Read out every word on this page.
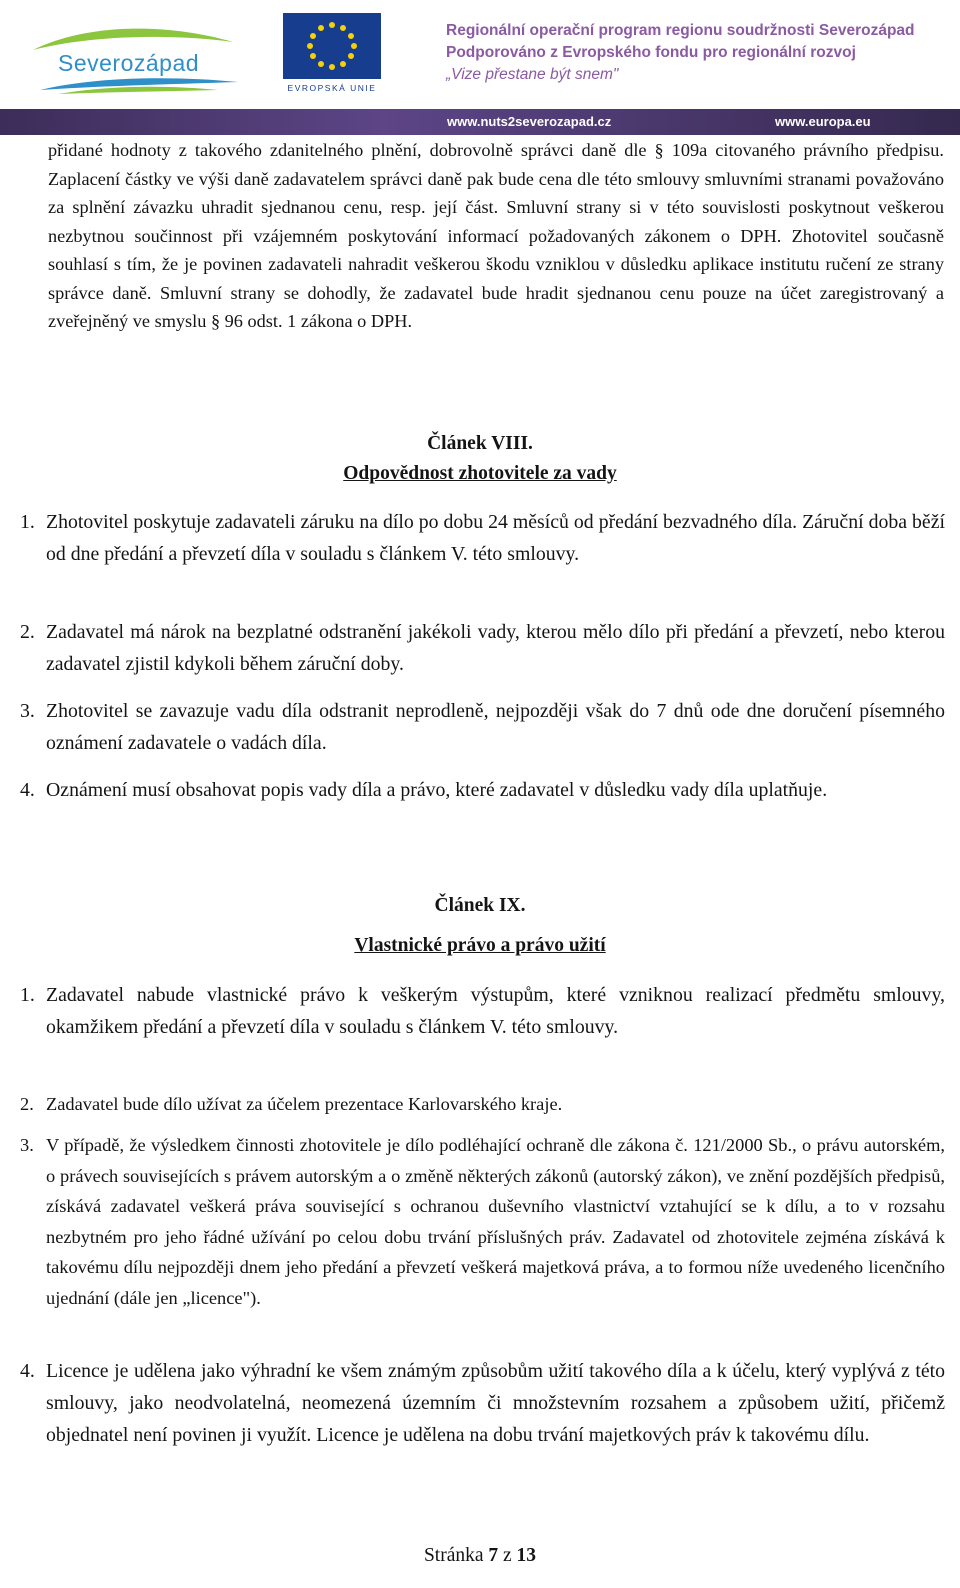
Severozápad
EVROPSKÁ UNIE
Regionální operační program regionu soudržnosti Severozápad
Podporováno z Evropského fondu pro regionální rozvoj
„Vize přestane být snem"
www.nuts2severozapad.cz	www.europa.eu

přidané hodnoty z takového zdanitelného plnění, dobrovolně správci daně dle § 109a citovaného právního předpisu. Zaplacení částky ve výši daně zadavatelem správci daně pak bude cena dle této smlouvy smluvními stranami považováno za splnění závazku uhradit sjednanou cenu, resp. její část. Smluvní strany si v této souvislosti poskytnout veškerou nezbytnou součinnost při vzájemném poskytování informací požadovaných zákonem o DPH. Zhotovitel současně souhlasí s tím, že je povinen zadavateli nahradit veškerou škodu vzniklou v důsledku aplikace institutu ručení ze strany správce daně. Smluvní strany se dohodly, že zadavatel bude hradit sjednanou cenu pouze na účet zaregistrovaný a zveřejněný ve smyslu § 96 odst. 1 zákona o DPH.

Článek VIII.
Odpovědnost zhotovitele za vady
1. Zhotovitel poskytuje zadavateli záruku na dílo po dobu 24 měsíců od předání bezvadného díla. Záruční doba běží od dne předání a převzetí díla v souladu s článkem V. této smlouvy.
2. Zadavatel má nárok na bezplatné odstranění jakékoli vady, kterou mělo dílo při předání a převzetí, nebo kterou zadavatel zjistil kdykoli během záruční doby.
3. Zhotovitel se zavazuje vadu díla odstranit neprodleně, nejpozději však do 7 dnů ode dne doručení písemného oznámení zadavatele o vadách díla.
4. Oznámení musí obsahovat popis vady díla a právo, které zadavatel v důsledku vady díla uplatňuje.
Článek IX.
Vlastnické právo a právo užití
1. Zadavatel nabude vlastnické právo k veškerým výstupům, které vzniknou realizací předmětu smlouvy, okamžikem předání a převzetí díla v souladu s článkem V. této smlouvy.
2. Zadavatel bude dílo užívat za účelem prezentace Karlovarského kraje.
3. V případě, že výsledkem činnosti zhotovitele je dílo podléhající ochraně dle zákona č. 121/2000 Sb., o právu autorském, o právech souvisejících s právem autorským a o změně některých zákonů (autorský zákon), ve znění pozdějších předpisů, získává zadavatel veškerá práva související s ochranou duševního vlastnictví vztahující se k dílu, a to v rozsahu nezbytném pro jeho řádné užívání po celou dobu trvání příslušných práv. Zadavatel od zhotovitele zejména získává k takovému dílu nejpozději dnem jeho předání a převzetí veškerá majetková práva, a to formou níže uvedeného licenčního ujednání (dále jen „licence").
4. Licence je udělena jako výhradní ke všem známým způsobům užití takového díla a k účelu, který vyplývá z této smlouvy, jako neodvolatelná, neomezená územním či množstevním rozsahem a způsobem užití, přičemž objednatel není povinen ji využít. Licence je udělena na dobu trvání majetkových práv k takovému dílu.
Stránka 7 z 13
